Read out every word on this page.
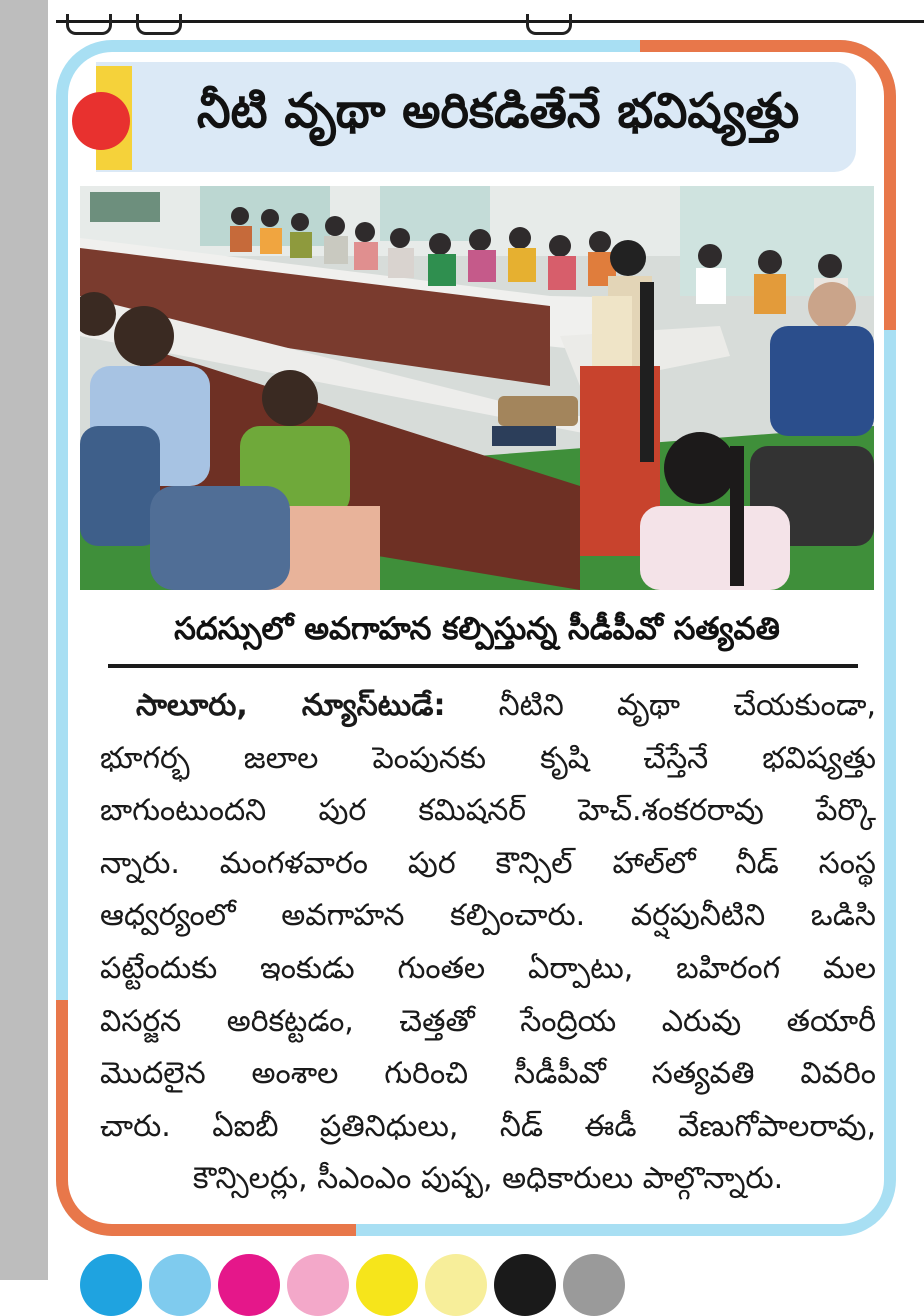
నీటి వృథా అరికడితేనే భవిష్యత్తు
సదస్సులో అవగాహన కల్పిస్తున్న సీడీపీవో సత్యవతి
సాలూరు, న్యూస్‌టుడే: నీటిని వృథా చేయకుండా,
భూగర్భ జలాల పెంపునకు కృషి చేస్తేనే భవిష్యత్తు
బాగుంటుందని పుర కమిషనర్ హెచ్.శంకరరావు పేర్కొ
న్నారు. మంగళవారం పుర కౌన్సిల్ హాల్‌లో నీడ్ సంస్థ
ఆధ్వర్యంలో అవగాహన కల్పించారు. వర్షపునీటిని ఒడిసి
పట్టేందుకు ఇంకుడు గుంతల ఏర్పాటు, బహిరంగ మల
విసర్జన అరికట్టడం, చెత్తతో సేంద్రియ ఎరువు తయారీ
మొదలైన అంశాల గురించి సీడీపీవో సత్యవతి వివరిం
చారు. ఏఐబీ ప్రతినిధులు, నీడ్ ఈడీ వేణుగోపాలరావు,
కౌన్సిలర్లు, సీఎంఎం పుష్ప, అధికారులు పాల్గొన్నారు.
